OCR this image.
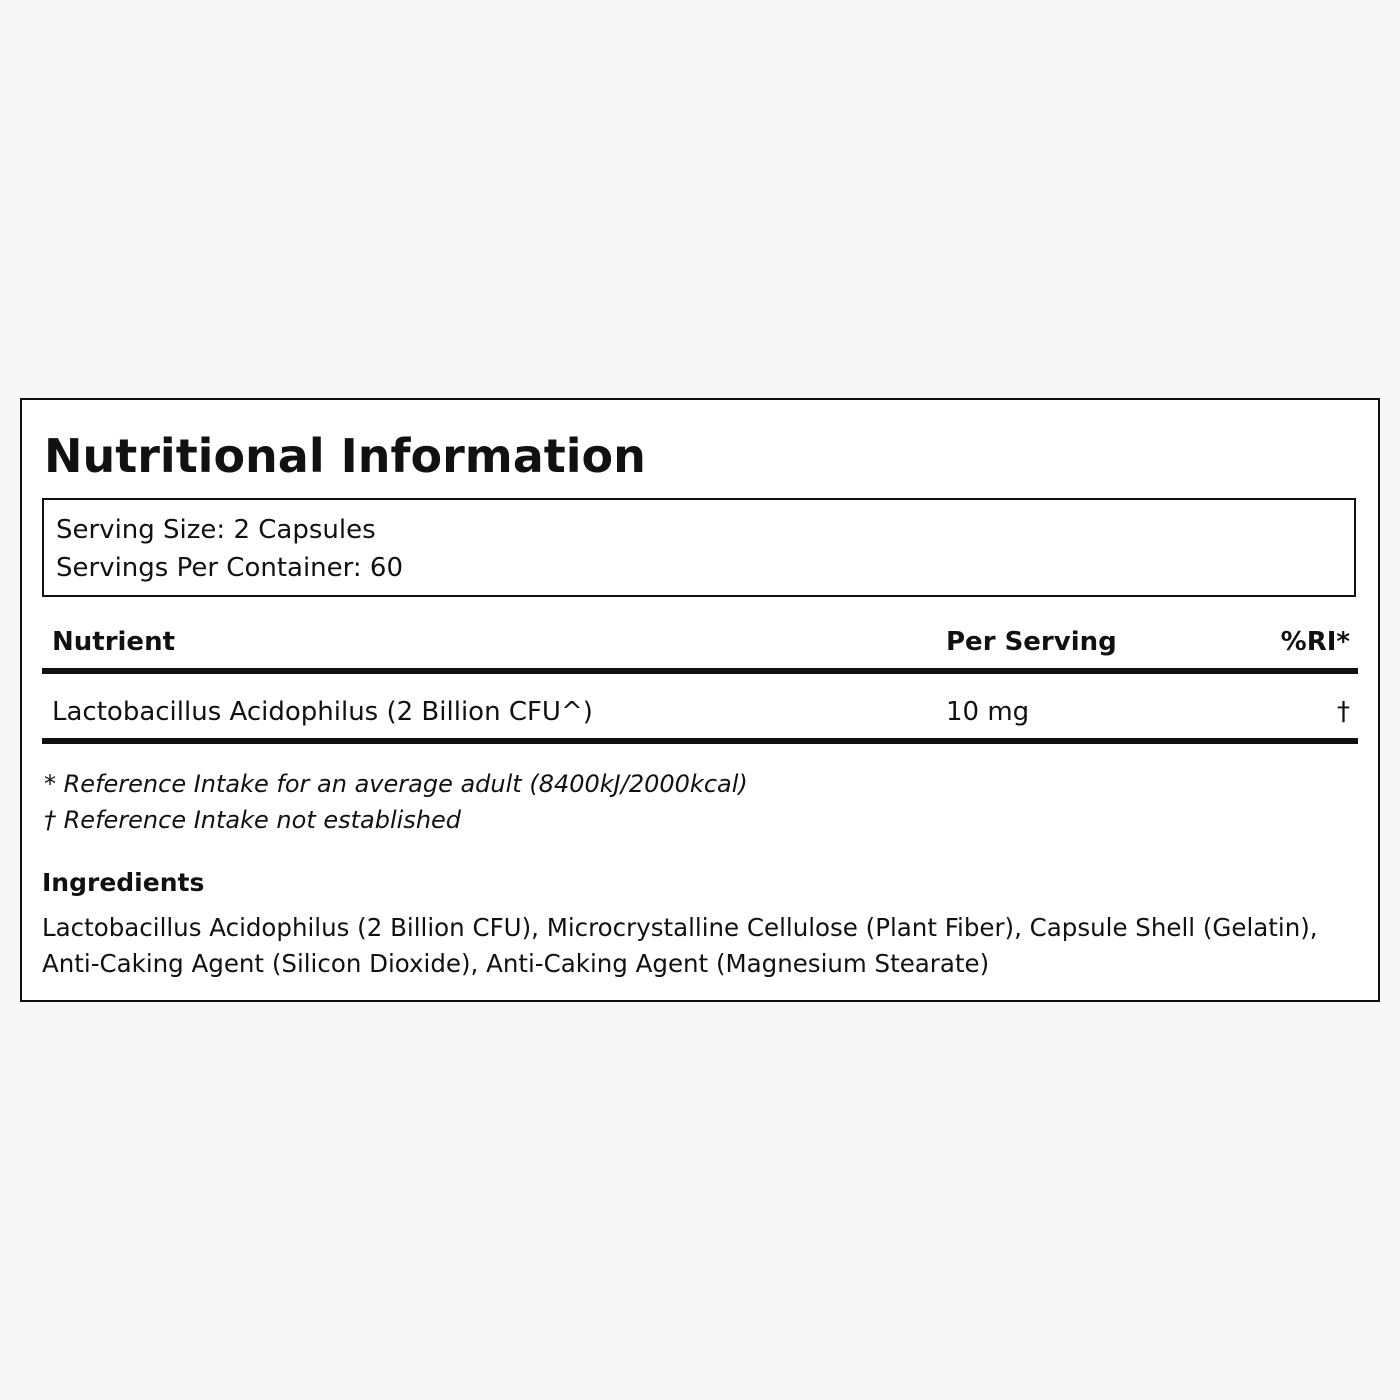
Nutritional Information
Serving Size: 2 Capsules
Servings Per Container: 60
Nutrient	Per Serving	%RI*
Lactobacillus Acidophilus (2 Billion CFU^)	10 mg	†
* Reference Intake for an average adult (8400kJ/2000kcal)
† Reference Intake not established
Ingredients

Lactobacillus Acidophilus (2 Billion CFU), Microcrystalline Cellulose (Plant Fiber), Capsule Shell (Gelatin), Anti-Caking Agent (Silicon Dioxide), Anti-Caking Agent (Magnesium Stearate)
